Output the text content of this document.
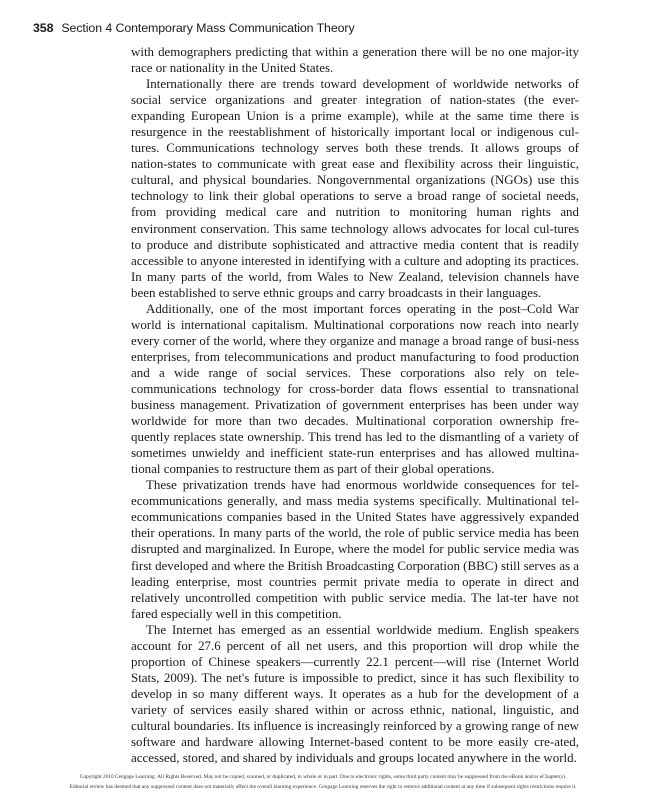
358 Section 4 Contemporary Mass Communication Theory

with demographers predicting that within a generation there will be no one major-ity race or nationality in the United States.

Internationally there are trends toward development of worldwide networks of social service organizations and greater integration of nation-states (the ever-expanding European Union is a prime example), while at the same time there is resurgence in the reestablishment of historically important local or indigenous cul-tures. Communications technology serves both these trends. It allows groups of nation-states to communicate with great ease and flexibility across their linguistic, cultural, and physical boundaries. Nongovernmental organizations (NGOs) use this technology to link their global operations to serve a broad range of societal needs, from providing medical care and nutrition to monitoring human rights and environment conservation. This same technology allows advocates for local cul-tures to produce and distribute sophisticated and attractive media content that is readily accessible to anyone interested in identifying with a culture and adopting its practices. In many parts of the world, from Wales to New Zealand, television channels have been established to serve ethnic groups and carry broadcasts in their languages.

Additionally, one of the most important forces operating in the post–Cold War world is international capitalism. Multinational corporations now reach into nearly every corner of the world, where they organize and manage a broad range of busi-ness enterprises, from telecommunications and product manufacturing to food production and a wide range of social services. These corporations also rely on tele-communications technology for cross-border data flows essential to transnational business management. Privatization of government enterprises has been under way worldwide for more than two decades. Multinational corporation ownership fre-quently replaces state ownership. This trend has led to the dismantling of a variety of sometimes unwieldy and inefficient state-run enterprises and has allowed multina-tional companies to restructure them as part of their global operations.

These privatization trends have had enormous worldwide consequences for tel-ecommunications generally, and mass media systems specifically. Multinational tel-ecommunications companies based in the United States have aggressively expanded their operations. In many parts of the world, the role of public service media has been disrupted and marginalized. In Europe, where the model for public service media was first developed and where the British Broadcasting Corporation (BBC) still serves as a leading enterprise, most countries permit private media to operate in direct and relatively uncontrolled competition with public service media. The lat-ter have not fared especially well in this competition.

The Internet has emerged as an essential worldwide medium. English speakers account for 27.6 percent of all net users, and this proportion will drop while the proportion of Chinese speakers—currently 22.1 percent—will rise (Internet World Stats, 2009). The net's future is impossible to predict, since it has such flexibility to develop in so many different ways. It operates as a hub for the development of a variety of services easily shared within or across ethnic, national, linguistic, and cultural boundaries. Its influence is increasingly reinforced by a growing range of new software and hardware allowing Internet-based content to be more easily cre-ated, accessed, stored, and shared by individuals and groups located anywhere in the world.

Copyright 2010 Cengage Learning. All Rights Reserved. May not be copied, scanned, or duplicated, in whole or in part. Due to electronic rights, some third party content may be suppressed from the eBook and/or eChapter(s).
Editorial review has deemed that any suppressed content does not materially affect the overall learning experience. Cengage Learning reserves the right to remove additional content at any time if subsequent rights restrictions require it.
